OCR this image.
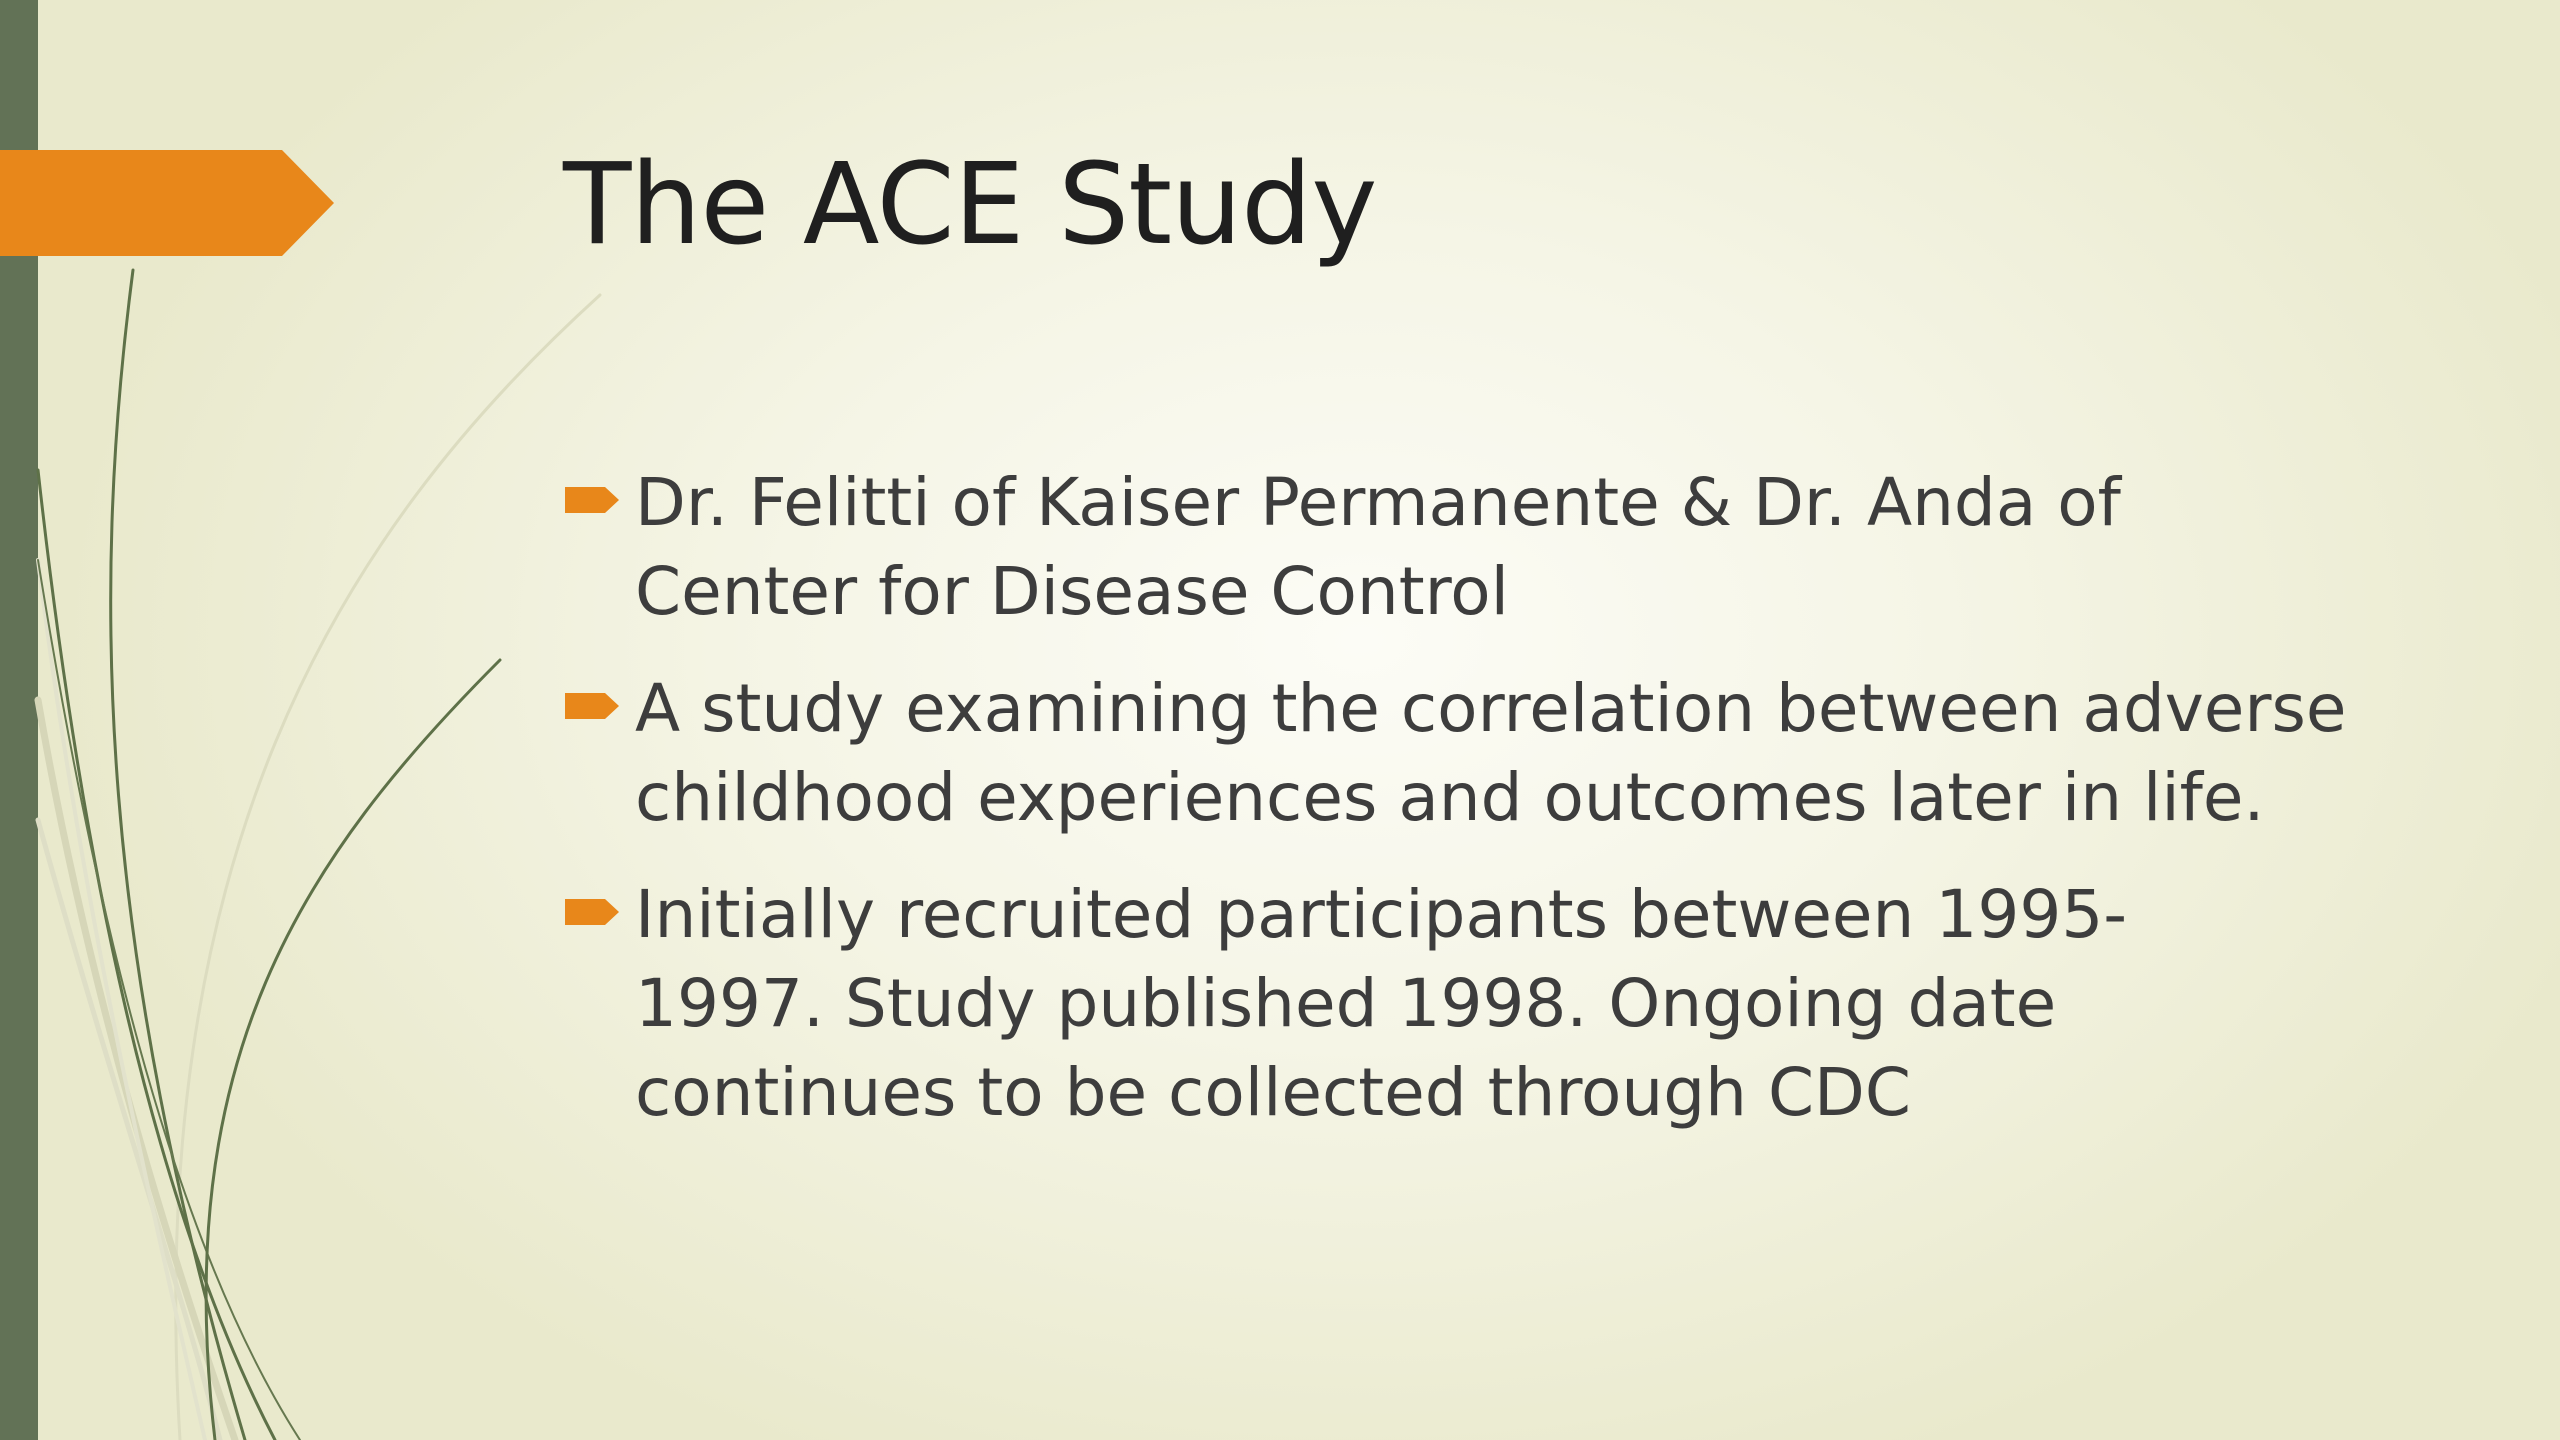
The ACE Study
Dr. Felitti of Kaiser Permanente & Dr. Anda of Center for Disease Control
A study examining the correlation between adverse childhood experiences and outcomes later in life.
Initially recruited participants between 1995-1997. Study published 1998. Ongoing date continues to be collected through CDC
